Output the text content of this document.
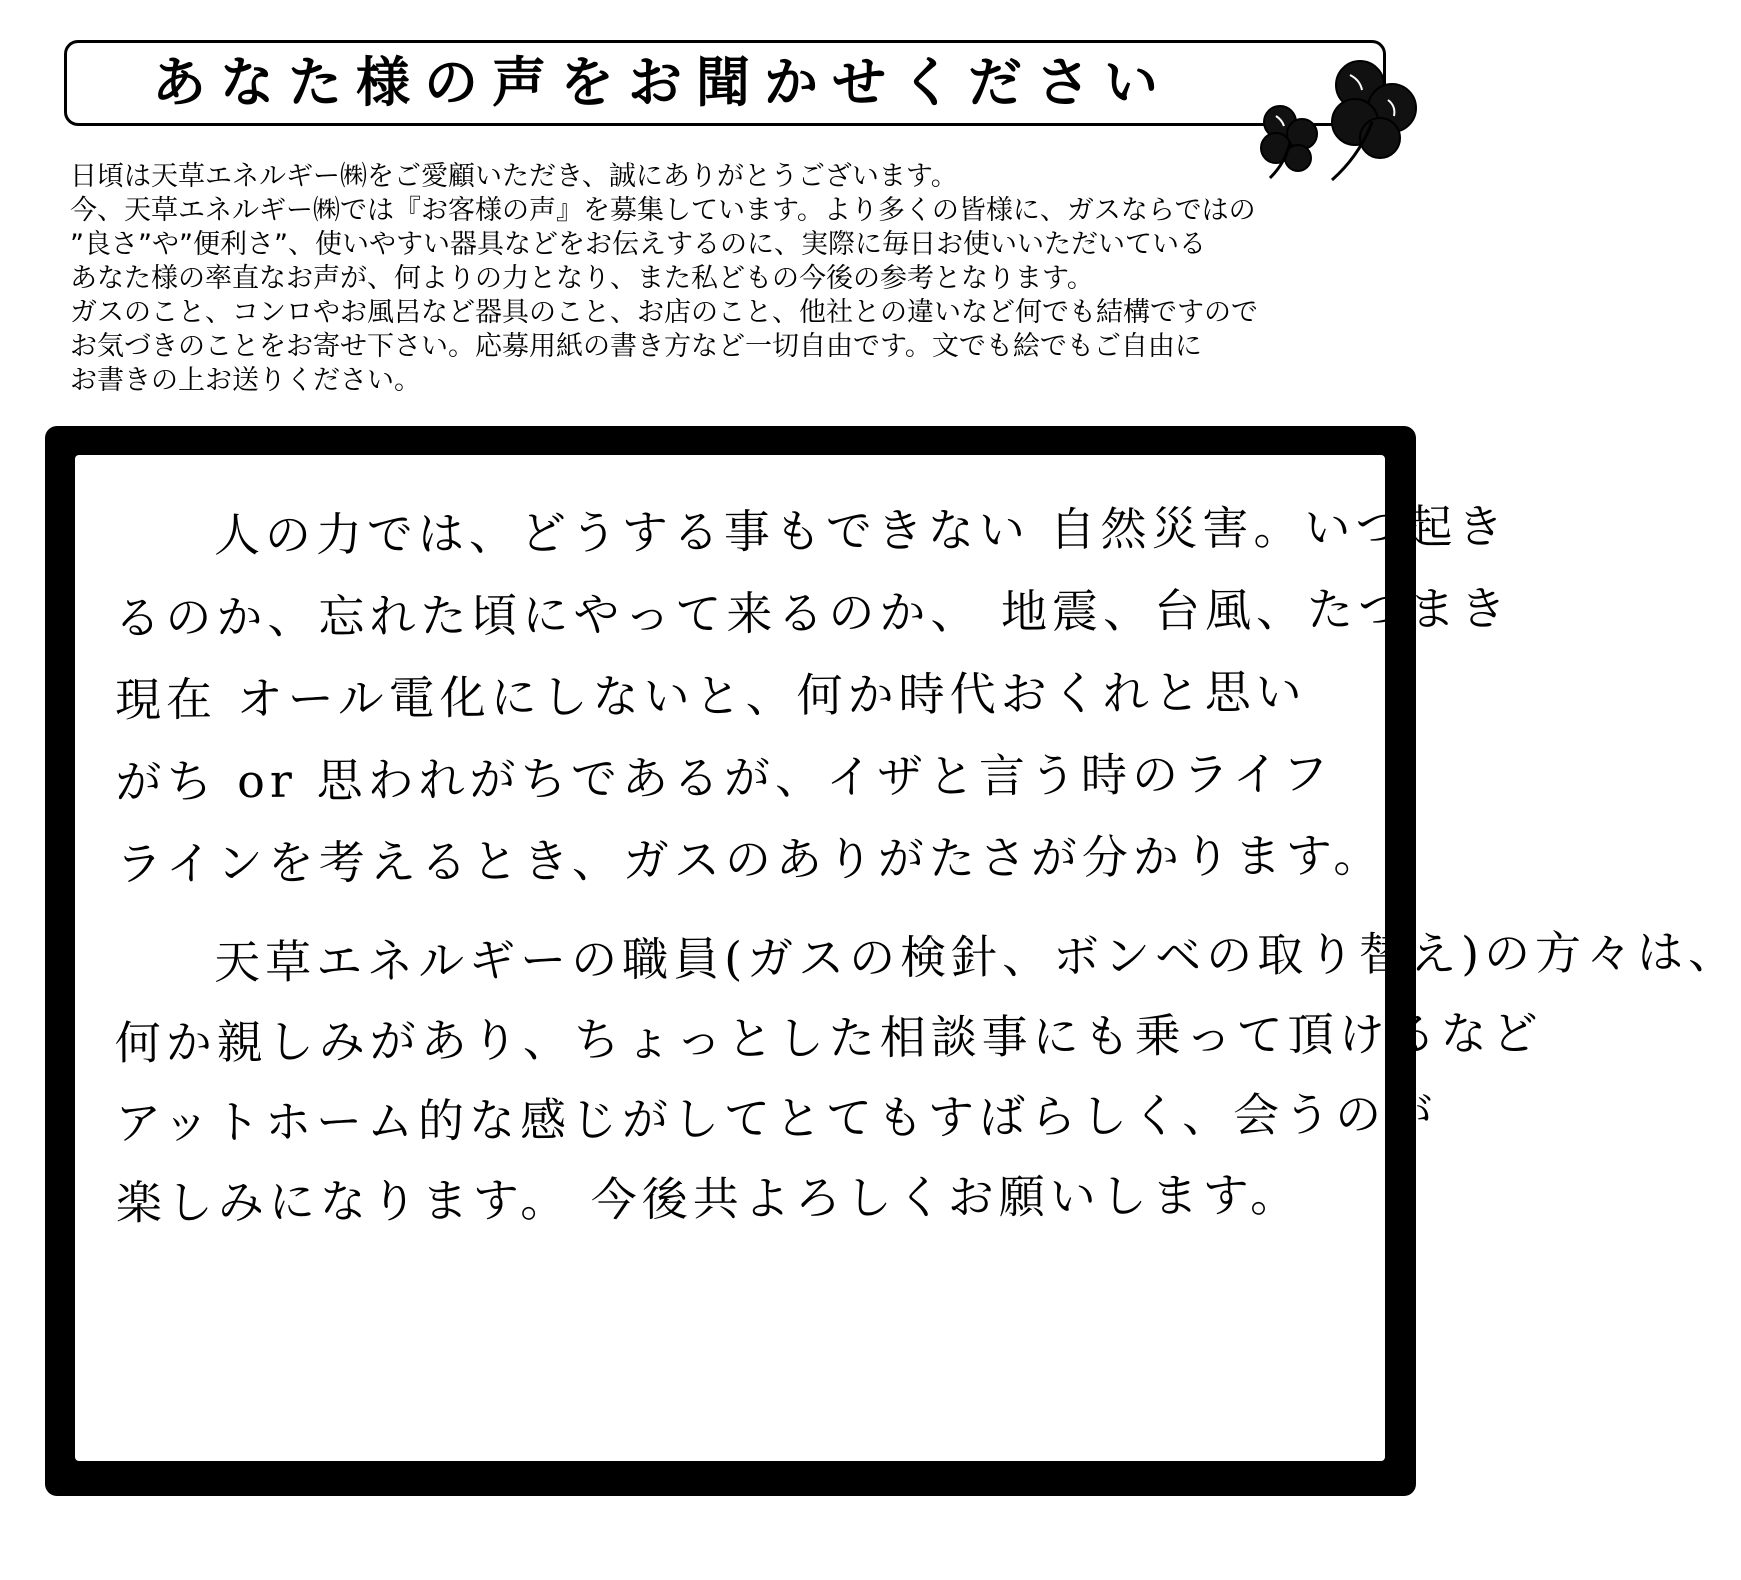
あなた様の声をお聞かせください
日頃は天草エネルギー㈱をご愛顧いただき、誠にありがとうございます。
今、天草エネルギー㈱では『お客様の声』を募集しています。より多くの皆様に、ガスならではの
”良さ”や”便利さ”、使いやすい器具などをお伝えするのに、実際に毎日お使いいただいている
あなた様の率直なお声が、何よりの力となり、また私どもの今後の参考となります。
ガスのこと、コンロやお風呂など器具のこと、お店のこと、他社との違いなど何でも結構ですので
お気づきのことをお寄せ下さい。応募用紙の書き方など一切自由です。文でも絵でもご自由に
お書きの上お送りください。
人の力では、どうする事もできない 自然災害。いつ起き
るのか、忘れた頃にやって来るのか、 地震、台風、たつまき
現在 オール電化にしないと、何か時代おくれと思い
がち or 思われがちであるが、イザと言う時のライフ
ラインを考えるとき、ガスのありがたさが分かります。
天草エネルギーの職員(ガスの検針、ボンベの取り替え)の方々は、
何か親しみがあり、ちょっとした相談事にも乗って頂けるなど
アットホーム的な感じがしてとてもすばらしく、会うのが
楽しみになります。 今後共よろしくお願いします。
